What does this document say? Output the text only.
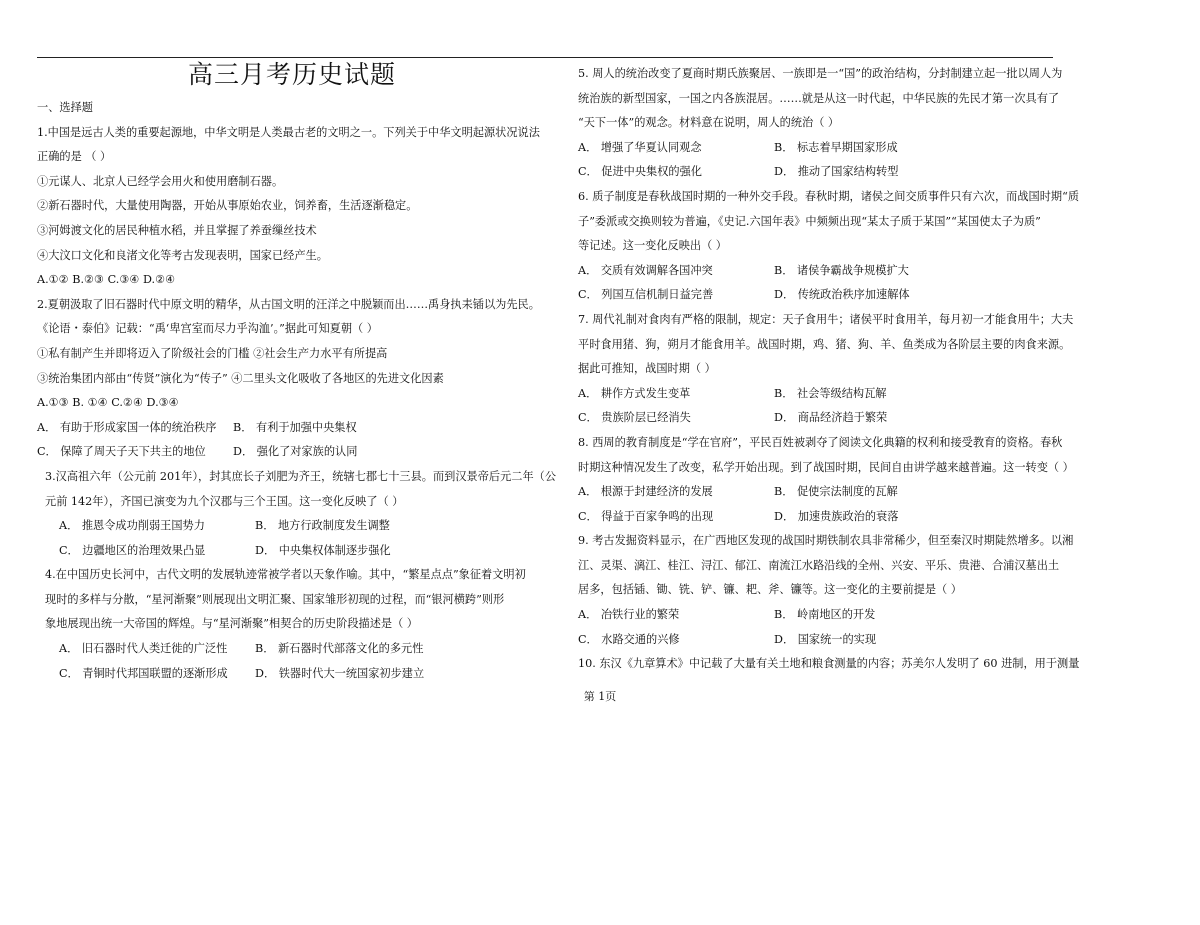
高三月考历史试题
一、选择题
1.中国是远古人类的重要起源地，中华文明是人类最古老的文明之一。下列关于中华文明起源状况说法
正确的是 （ ）
①元谋人、北京人已经学会用火和使用磨制石器。
②新石器时代，大量使用陶器，开始从事原始农业，饲养畜，生活逐渐稳定。
③河姆渡文化的居民种植水稻，并且掌握了养蚕缫丝技术
④大汶口文化和良渚文化等考古发现表明，国家已经产生。
A.①② B.②③ C.③④ D.②④
2.夏朝汲取了旧石器时代中原文明的精华，从古国文明的汪洋之中脱颖而出……禹身执耒锸以为先民。
《论语・泰伯》记载：“禹‘卑宫室而尽力乎沟洫’。”据此可知夏朝（ ）
①私有制产生并即将迈入了阶级社会的门槛 ②社会生产力水平有所提高
③统治集团内部由“传贤”演化为“传子” ④二里头文化吸收了各地区的先进文化因素
A.①③ B. ①④ C.②④ D.③④
A． 有助于形成家国一体的统治秩序	B． 有利于加强中央集权
C． 保障了周天子天下共主的地位	D． 强化了对家族的认同
3.汉高祖六年（公元前 201年），封其庶长子刘肥为齐王，统辖七郡七十三县。而到汉景帝后元二年（公
元前 142年），齐国已演变为九个汉郡与三个王国。这一变化反映了（ ）
A． 推恩令成功削弱王国势力	B． 地方行政制度发生调整
C． 边疆地区的治理效果凸显	D． 中央集权体制逐步强化
4.在中国历史长河中，古代文明的发展轨迹常被学者以天象作喻。其中，“繁星点点”象征着文明初
现时的多样与分散，“星河渐聚”则展现出文明汇聚、国家雏形初现的过程，而“银河横跨”则形
象地展现出统一大帝国的辉煌。与“星河渐聚”相契合的历史阶段描述是（ ）
A． 旧石器时代人类迁徙的广泛性	B． 新石器时代部落文化的多元性
C． 青铜时代邦国联盟的逐渐形成	D． 铁器时代大一统国家初步建立
5. 周人的统治改变了夏商时期氏族聚居、一族即是一“国”的政治结构，分封制建立起一批以周人为
统治族的新型国家，一国之内各族混居。……就是从这一时代起，中华民族的先民才第一次具有了
“天下一体”的观念。材料意在说明，周人的统治（ ）
A． 增强了华夏认同观念	B． 标志着早期国家形成
C． 促进中央集权的强化	D． 推动了国家结构转型
6. 质子制度是春秋战国时期的一种外交手段。春秋时期，诸侯之间交质事件只有六次，而战国时期“质
子”委派或交换则较为普遍，《史记.六国年表》中频频出现“某太子质于某国”“某国使太子为质”
等记述。这一变化反映出（ ）
A． 交质有效调解各国冲突	B． 诸侯争霸战争规模扩大
C． 列国互信机制日益完善	D． 传统政治秩序加速解体
7. 周代礼制对食肉有严格的限制，规定：天子食用牛；诸侯平时食用羊，每月初一才能食用牛；大夫
平时食用猪、狗，朔月才能食用羊。战国时期，鸡、猪、狗、羊、鱼类成为各阶层主要的肉食来源。
据此可推知，战国时期（ ）
A． 耕作方式发生变革	B． 社会等级结构瓦解
C． 贵族阶层已经消失	D． 商品经济趋于繁荣
8. 西周的教育制度是“学在官府”，平民百姓被剥夺了阅读文化典籍的权利和接受教育的资格。春秋
时期这种情况发生了改变，私学开始出现。到了战国时期，民间自由讲学越来越普遍。这一转变（ ）
A． 根源于封建经济的发展	B． 促使宗法制度的瓦解
C． 得益于百家争鸣的出现	D． 加速贵族政治的衰落
9. 考古发掘资料显示，在广西地区发现的战国时期铁制农具非常稀少，但至秦汉时期陡然增多。以湘
江、灵渠、漓江、桂江、浔江、郁江、南流江水路沿线的全州、兴安、平乐、贵港、合浦汉墓出土
居多，包括锸、锄、铣、铲、镰、耙、斧、镰等。这一变化的主要前提是（ ）
A． 冶铁行业的繁荣	B． 岭南地区的开发
C． 水路交通的兴修	D． 国家统一的实现
10. 东汉《九章算术》中记载了大量有关土地和粮食测量的内容；苏美尔人发明了 60 进制，用于测量
第 1页
